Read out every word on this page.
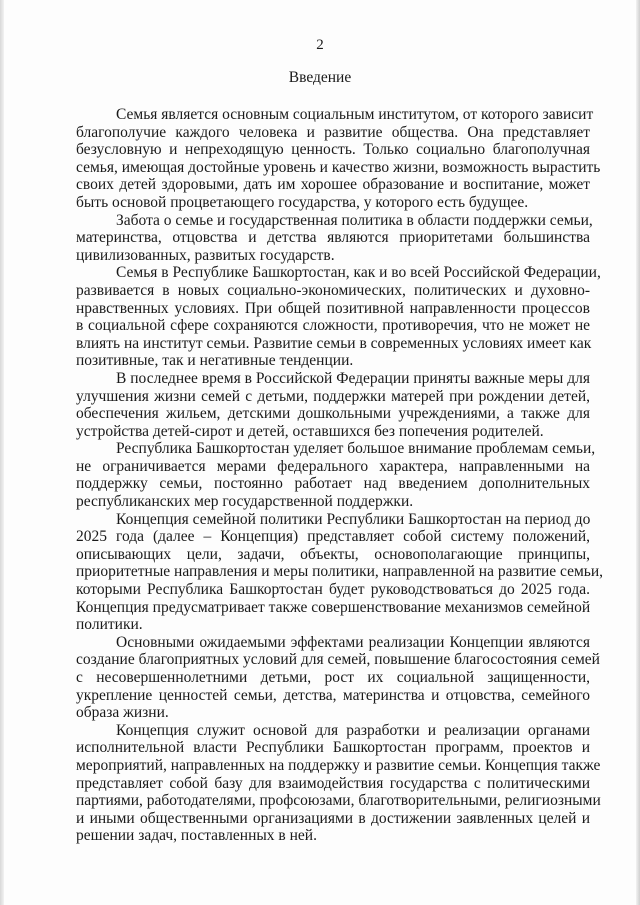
2
Введение
Семья является основным социальным институтом, от которого зависит
благополучие каждого человека и развитие общества. Она представляет
безусловную и непреходящую ценность. Только социально благополучная
семья, имеющая достойные уровень и качество жизни, возможность вырастить
своих детей здоровыми, дать им хорошее образование и воспитание, может
быть основой процветающего государства, у которого есть будущее.
Забота о семье и государственная политика в области поддержки семьи,
материнства, отцовства и детства являются приоритетами большинства
цивилизованных, развитых государств.
Семья в Республике Башкортостан, как и во всей Российской Федерации,
развивается в новых социально-экономических, политических и духовно-
нравственных условиях. При общей позитивной направленности процессов
в социальной сфере сохраняются сложности, противоречия, что не может не
влиять на институт семьи. Развитие семьи в современных условиях имеет как
позитивные, так и негативные тенденции.
В последнее время в Российской Федерации приняты важные меры для
улучшения жизни семей с детьми, поддержки матерей при рождении детей,
обеспечения жильем, детскими дошкольными учреждениями, а также для
устройства детей-сирот и детей, оставшихся без попечения родителей.
Республика Башкортостан уделяет большое внимание проблемам семьи,
не ограничивается мерами федерального характера, направленными на
поддержку семьи, постоянно работает над введением дополнительных
республиканских мер государственной поддержки.
Концепция семейной политики Республики Башкортостан на период до
2025 года (далее – Концепция) представляет собой систему положений,
описывающих цели, задачи, объекты, основополагающие принципы,
приоритетные направления и меры политики, направленной на развитие семьи,
которыми Республика Башкортостан будет руководствоваться до 2025 года.
Концепция предусматривает также совершенствование механизмов семейной
политики.
Основными ожидаемыми эффектами реализации Концепции являются
создание благоприятных условий для семей, повышение благосостояния семей
с несовершеннолетними детьми, рост их социальной защищенности,
укрепление ценностей семьи, детства, материнства и отцовства, семейного
образа жизни.
Концепция служит основой для разработки и реализации органами
исполнительной власти Республики Башкортостан программ, проектов и
мероприятий, направленных на поддержку и развитие семьи. Концепция также
представляет собой базу для взаимодействия государства с политическими
партиями, работодателями, профсоюзами, благотворительными, религиозными
и иными общественными организациями в достижении заявленных целей и
решении задач, поставленных в ней.
